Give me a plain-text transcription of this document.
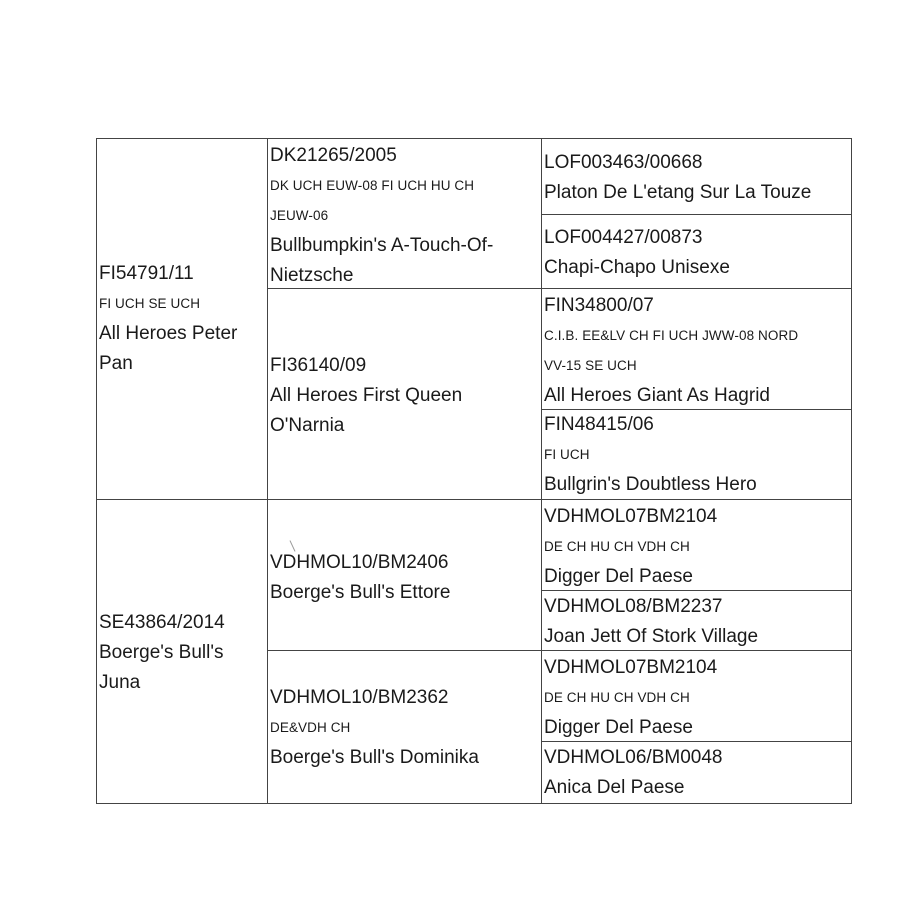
FI54791/11
FI UCH SE UCH
All Heroes Peter
Pan
SE43864/2014
Boerge's Bull's
Juna
DK21265/2005
DK UCH EUW-08 FI UCH HU CH
JEUW-06
Bullbumpkin's A-Touch-Of-
Nietzsche
FI36140/09
All Heroes First Queen
O'Narnia
VDHMOL10/BM2406
Boerge's Bull's Ettore
VDHMOL10/BM2362
DE&VDH CH
Boerge's Bull's Dominika
LOF003463/00668
Platon De L'etang Sur La Touze
LOF004427/00873
Chapi-Chapo Unisexe
FIN34800/07
C.I.B. EE&LV CH FI UCH JWW-08 NORD
VV-15 SE UCH
All Heroes Giant As Hagrid
FIN48415/06
FI UCH
Bullgrin's Doubtless Hero
VDHMOL07BM2104
DE CH HU CH VDH CH
Digger Del Paese
VDHMOL08/BM2237
Joan Jett Of Stork Village
VDHMOL07BM2104
DE CH HU CH VDH CH
Digger Del Paese
VDHMOL06/BM0048
Anica Del Paese
